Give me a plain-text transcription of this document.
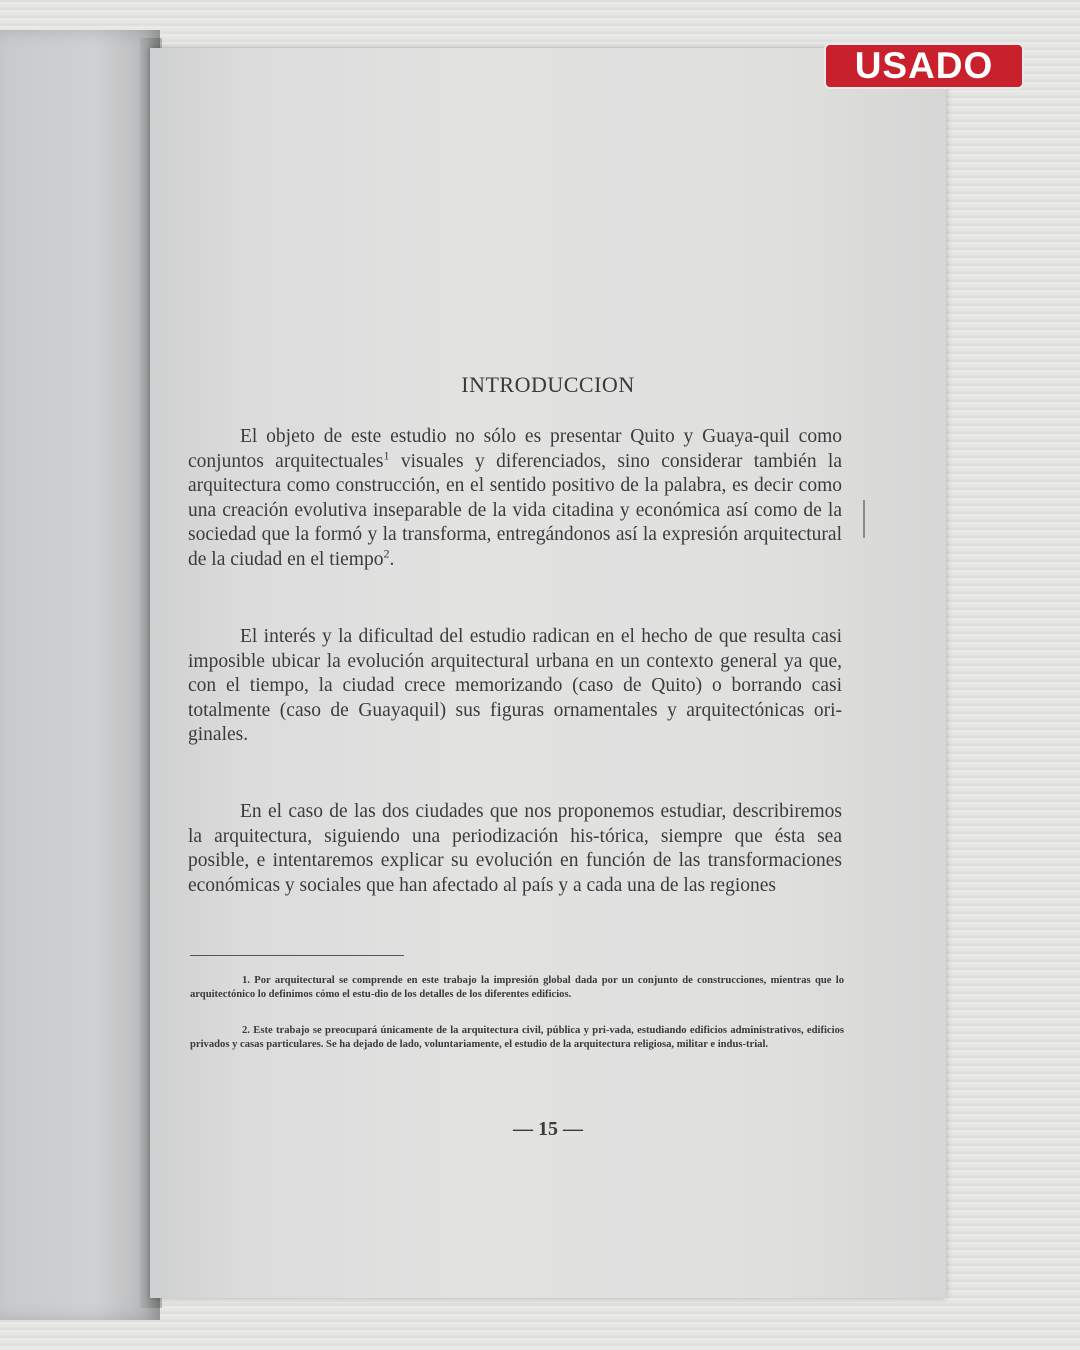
USADO
INTRODUCCION

El objeto de este estudio no sólo es presentar Quito y Guaya-quil como conjuntos arquitectuales$^1$ visuales y diferenciados, sino considerar también la arquitectura como construcción, en el sentido positivo de la palabra, es decir como una creación evolutiva inseparable de la vida citadina y económica así como de la sociedad que la formó y la transforma, entregándonos así la expresión arquitectural de la ciudad en el tiempo$^2$.

El interés y la dificultad del estudio radican en el hecho de que resulta casi imposible ubicar la evolución arquitectural urbana en un contexto general ya que, con el tiempo, la ciudad crece memorizando (caso de Quito) o borrando casi totalmente (caso de Guayaquil) sus figuras ornamentales y arquitectónicas ori-ginales.

En el caso de las dos ciudades que nos proponemos estudiar, describiremos la arquitectura, siguiendo una periodización his-tórica, siempre que ésta sea posible, e intentaremos explicar su evolución en función de las transformaciones económicas y sociales que han afectado al país y a cada una de las regiones

1. Por arquitectural se comprende en este trabajo la impresión global dada por un conjunto de construcciones, mientras que lo arquitectónico lo definimos cómo el estu-dio de los detalles de los diferentes edificios.

2. Este trabajo se preocupará únicamente de la arquitectura civil, pública y pri-vada, estudiando edificios administrativos, edificios privados y casas particulares. Se ha dejado de lado, voluntariamente, el estudio de la arquitectura religiosa, militar e indus-trial.

— 15 —
